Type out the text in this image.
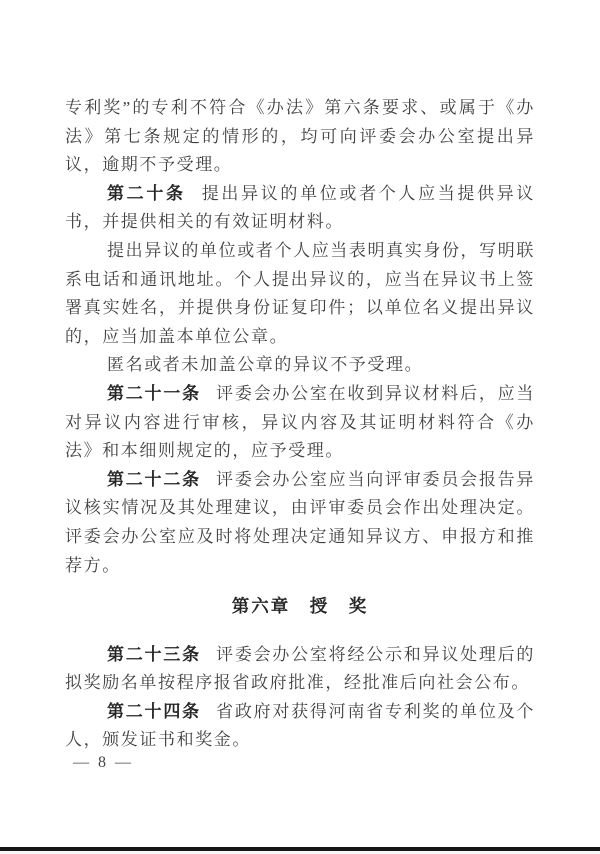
专利奖”的专利不符合《办法》第六条要求、或属于《办法》第七条规定的情形的，均可向评委会办公室提出异议，逾期不予受理。

第二十条 提出异议的单位或者个人应当提供异议书，并提供相关的有效证明材料。

提出异议的单位或者个人应当表明真实身份，写明联系电话和通讯地址。个人提出异议的，应当在异议书上签署真实姓名，并提供身份证复印件；以单位名义提出异议的，应当加盖本单位公章。

匿名或者未加盖公章的异议不予受理。

第二十一条 评委会办公室在收到异议材料后，应当对异议内容进行审核，异议内容及其证明材料符合《办法》和本细则规定的，应予受理。

第二十二条 评委会办公室应当向评审委员会报告异议核实情况及其处理建议，由评审委员会作出处理决定。评委会办公室应及时将处理决定通知异议方、申报方和推荐方。

第六章　授　奖

第二十三条 评委会办公室将经公示和异议处理后的拟奖励名单按程序报省政府批准，经批准后向社会公布。

第二十四条 省政府对获得河南省专利奖的单位及个人，颁发证书和奖金。

— 8 —
